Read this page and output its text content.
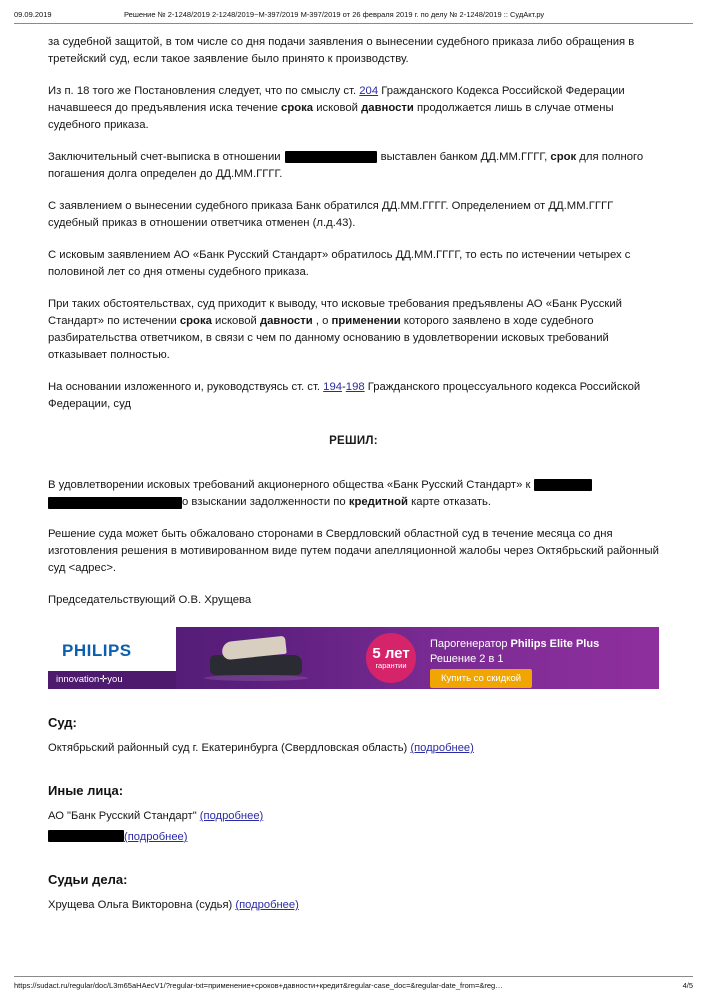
09.09.2019	Решение № 2-1248/2019 2-1248/2019~М-397/2019 М-397/2019 от 26 февраля 2019 г. по делу № 2-1248/2019 :: СудАкт.ру

за судебной защитой, в том числе со дня подачи заявления о вынесении судебного приказа либо обращения в третейский суд, если такое заявление было принято к производству.

Из п. 18 того же Постановления следует, что по смыслу ст. 204 Гражданского Кодекса Российской Федерации начавшееся до предъявления иска течение срока исковой давности продолжается лишь в случае отмены судебного приказа.

Заключительный счет-выписка в отношении	выставлен банком ДД.ММ.ГГГГ, срок для полного погашения долга определен до ДД.ММ.ГГГГ.

С заявлением о вынесении судебного приказа Банк обратился ДД.ММ.ГГГГ. Определением от ДД.ММ.ГГГГ судебный приказ в отношении ответчика отменен (л.д.43).

С исковым заявлением АО «Банк Русский Стандарт» обратилось ДД.ММ.ГГГГ, то есть по истечении четырех с половиной лет со дня отмены судебного приказа.

При таких обстоятельствах, суд приходит к выводу, что исковые требования предъявлены АО «Банк Русский Стандарт» по истечении срока исковой давности , о применении которого заявлено в ходе судебного разбирательства ответчиком, в связи с чем по данному основанию в удовлетворении исковых требований отказывает полностью.

На основании изложенного и, руководствуясь ст. ст. 194-198 Гражданского процессуального кодекса Российской Федерации, суд

РЕШИЛ:

В удовлетворении исковых требований акционерного общества «Банк Русский Стандарт» к
о взыскании задолженности по кредитной карте отказать.

Решение суда может быть обжаловано сторонами в Свердловский областной суд в течение месяца со дня изготовления решения в мотивированном виде путем подачи апелляционной жалобы через Октябрьский районный суд <адрес>.

Председательствующий О.В. Хрущева

PHILIPS
innovation✛you
5 лет
гарантии
Парогенератор Philips Elite Plus
Решение 2 в 1
Купить со скидкой
Суд:
Октябрьский районный суд г. Екатеринбурга (Свердловская область) (подробнее)
Иные лица:
АО "Банк Русский Стандарт" (подробнее)
(подробнее)
Судьи дела:
Хрущева Ольга Викторовна (судья) (подробнее)
https://sudact.ru/regular/doc/L3m65aHAecV1/?regular-txt=применение+сроков+давности+кредит&regular-case_doc=&regular-date_from=&reg…	4/5
